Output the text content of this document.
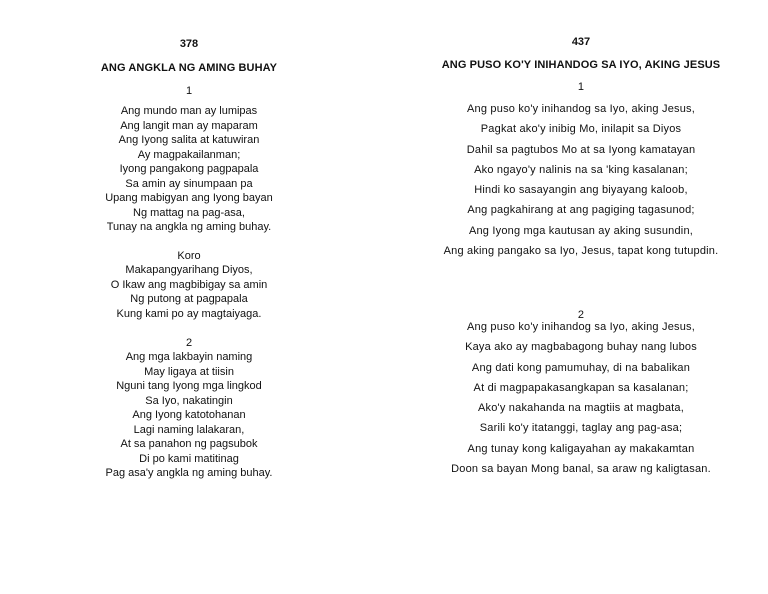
378
ANG ANGKLA NG AMING BUHAY
1
Ang mundo man ay lumipas
Ang langit man ay maparam
Ang Iyong salita at katuwiran
Ay magpakailanman;
Iyong pangakong pagpapala
Sa amin ay sinumpaan pa
Upang mabigyan ang Iyong bayan
Ng mattag na pag-asa,
Tunay na angkla ng aming buhay.
Koro
Makapangyarihang Diyos,
O Ikaw ang magbibigay sa amin
Ng putong at pagpapala
Kung kami po ay magtaiyaga.
2
Ang mga lakbayin naming
May ligaya at tiisin
Nguni tang Iyong mga lingkod
Sa Iyo, nakatingin
Ang Iyong katotohanan
Lagi naming lalakaran,
At sa panahon ng pagsubok
Di po kami matitinag
Pag asa'y angkla ng aming buhay.
437
ANG PUSO KO'Y INIHANDOG SA IYO, AKING JESUS
1
Ang puso ko'y inihandog sa Iyo, aking Jesus,
Pagkat ako'y inibig Mo, inilapit sa Diyos
Dahil sa pagtubos Mo at sa Iyong kamatayan
Ako ngayo'y nalinis na sa 'king kasalanan;
Hindi ko sasayangin ang biyayang kaloob,
Ang pagkahirang at ang pagiging tagasunod;
Ang Iyong mga kautusan ay aking susundin,
Ang aking pangako sa Iyo, Jesus, tapat kong tutupdin.
2
Ang puso ko'y inihandog sa Iyo, aking Jesus,
Kaya ako ay magbabagong buhay nang lubos
Ang dati kong pamumuhay, di na babalikan
At di magpapakasangkapan sa kasalanan;
Ako'y nakahanda na magtiis at magbata,
Sarili ko'y itatanggi, taglay ang pag-asa;
Ang tunay kong kaligayahan ay makakamtan
Doon sa bayan Mong banal, sa araw ng kaligtasan.
